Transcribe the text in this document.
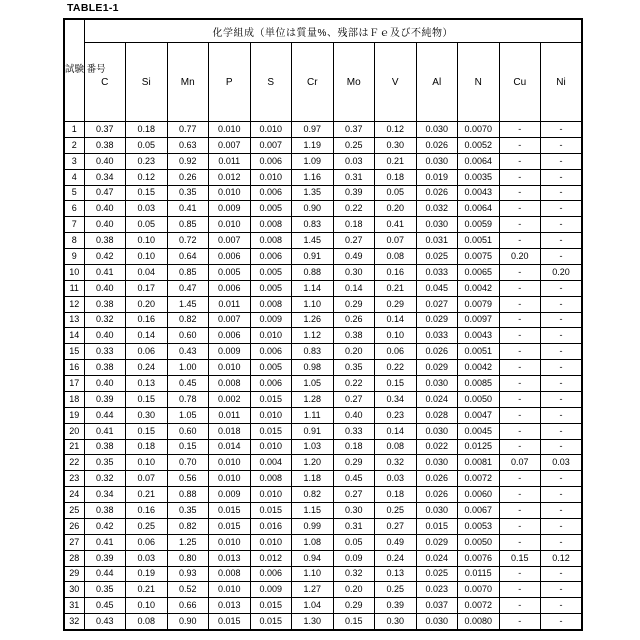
TABLE1-1
試験 番号	化学組成（単位は質量%、残部はＦｅ及び不純物）											
	C	Si	Mn	P	S	Cr	Mo	V	Al	N	Cu	Ni
1	0.37	0.18	0.77	0.010	0.010	0.97	0.37	0.12	0.030	0.0070	-	-
2	0.38	0.05	0.63	0.007	0.007	1.19	0.25	0.30	0.026	0.0052	-	-
3	0.40	0.23	0.92	0.011	0.006	1.09	0.03	0.21	0.030	0.0064	-	-
4	0.34	0.12	0.26	0.012	0.010	1.16	0.31	0.18	0.019	0.0035	-	-
5	0.47	0.15	0.35	0.010	0.006	1.35	0.39	0.05	0.026	0.0043	-	-
6	0.40	0.03	0.41	0.009	0.005	0.90	0.22	0.20	0.032	0.0064	-	-
7	0.40	0.05	0.85	0.010	0.008	0.83	0.18	0.41	0.030	0.0059	-	-
8	0.38	0.10	0.72	0.007	0.008	1.45	0.27	0.07	0.031	0.0051	-	-
9	0.42	0.10	0.64	0.006	0.006	0.91	0.49	0.08	0.025	0.0075	0.20	-
10	0.41	0.04	0.85	0.005	0.005	0.88	0.30	0.16	0.033	0.0065	-	0.20
11	0.40	0.17	0.47	0.006	0.005	1.14	0.14	0.21	0.045	0.0042	-	-
12	0.38	0.20	1.45	0.011	0.008	1.10	0.29	0.29	0.027	0.0079	-	-
13	0.32	0.16	0.82	0.007	0.009	1.26	0.26	0.14	0.029	0.0097	-	-
14	0.40	0.14	0.60	0.006	0.010	1.12	0.38	0.10	0.033	0.0043	-	-
15	0.33	0.06	0.43	0.009	0.006	0.83	0.20	0.06	0.026	0.0051	-	-
16	0.38	0.24	1.00	0.010	0.005	0.98	0.35	0.22	0.029	0.0042	-	-
17	0.40	0.13	0.45	0.008	0.006	1.05	0.22	0.15	0.030	0.0085	-	-
18	0.39	0.15	0.78	0.002	0.015	1.28	0.27	0.34	0.024	0.0050	-	-
19	0.44	0.30	1.05	0.011	0.010	1.11	0.40	0.23	0.028	0.0047	-	-
20	0.41	0.15	0.60	0.018	0.015	0.91	0.33	0.14	0.030	0.0045	-	-
21	0.38	0.18	0.15	0.014	0.010	1.03	0.18	0.08	0.022	0.0125	-	-
22	0.35	0.10	0.70	0.010	0.004	1.20	0.29	0.32	0.030	0.0081	0.07	0.03
23	0.32	0.07	0.56	0.010	0.008	1.18	0.45	0.03	0.026	0.0072	-	-
24	0.34	0.21	0.88	0.009	0.010	0.82	0.27	0.18	0.026	0.0060	-	-
25	0.38	0.16	0.35	0.015	0.015	1.15	0.30	0.25	0.030	0.0067	-	-
26	0.42	0.25	0.82	0.015	0.016	0.99	0.31	0.27	0.015	0.0053	-	-
27	0.41	0.06	1.25	0.010	0.010	1.08	0.05	0.49	0.029	0.0050	-	-
28	0.39	0.03	0.80	0.013	0.012	0.94	0.09	0.24	0.024	0.0076	0.15	0.12
29	0.44	0.19	0.93	0.008	0.006	1.10	0.32	0.13	0.025	0.0115	-	-
30	0.35	0.21	0.52	0.010	0.009	1.27	0.20	0.25	0.023	0.0070	-	-
31	0.45	0.10	0.66	0.013	0.015	1.04	0.29	0.39	0.037	0.0072	-	-
32	0.43	0.08	0.90	0.015	0.015	1.30	0.15	0.30	0.030	0.0080	-	-
